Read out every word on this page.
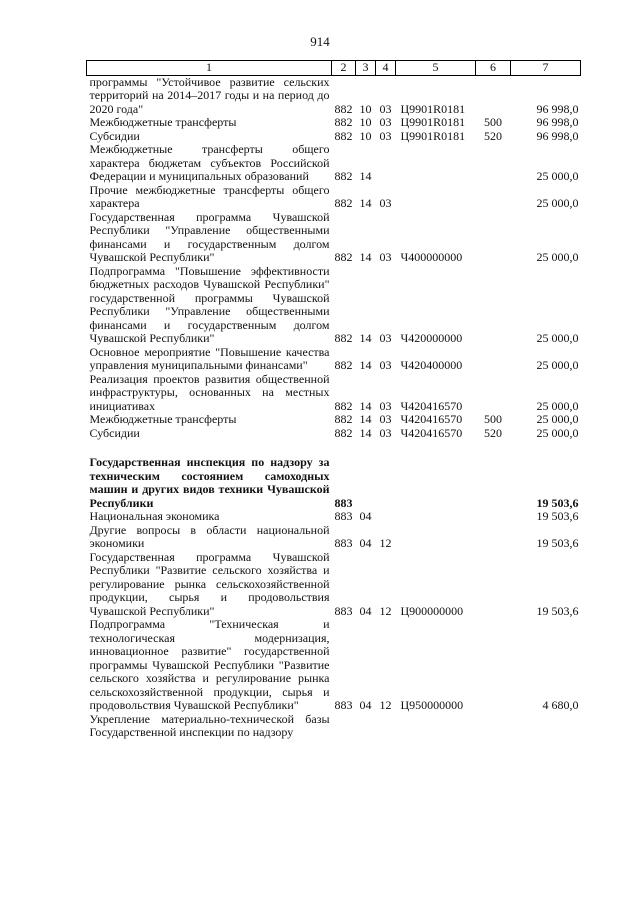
914
1	2	3	4	5	6	7
программы "Устойчивое развитие сельских территорий на 2014–2017 годы и на период до 2020 года"	882	10	03	Ц9901R0181		96 998,0
Межбюджетные трансферты	882	10	03	Ц9901R0181	500	96 998,0
Субсидии	882	10	03	Ц9901R0181	520	96 998,0
Межбюджетные трансферты общего характера бюджетам субъектов Российской Федерации и муниципальных образований	882	14				25 000,0
Прочие межбюджетные трансферты общего характера	882	14	03			25 000,0
Государственная программа Чувашской Республики "Управление общественными финансами и государственным долгом Чувашской Республики"	882	14	03	Ч400000000		25 000,0
Подпрограмма "Повышение эффективности бюджетных расходов Чувашской Республики" государственной программы Чувашской Республики "Управление общественными финансами и государственным долгом Чувашской Республики"	882	14	03	Ч420000000		25 000,0
Основное мероприятие "Повышение качества управления муниципальными финансами"	882	14	03	Ч420400000		25 000,0
Реализация проектов развития общественной инфраструктуры, основанных на местных инициативах	882	14	03	Ч420416570		25 000,0
Межбюджетные трансферты	882	14	03	Ч420416570	500	25 000,0
Субсидии	882	14	03	Ч420416570	520	25 000,0

Государственная инспекция по надзору за техническим состоянием самоходных машин и других видов техники Чувашской Республики	883					19 503,6
Национальная экономика	883	04				19 503,6
Другие вопросы в области национальной экономики	883	04	12			19 503,6
Государственная программа Чувашской Республики "Развитие сельского хозяйства и регулирование рынка сельскохозяйственной продукции, сырья и продовольствия Чувашской Республики"	883	04	12	Ц900000000		19 503,6
Подпрограмма "Техническая и технологическая модернизация, инновационное развитие" государственной программы Чувашской Республики "Развитие сельского хозяйства и регулирование рынка сельскохозяйственной продукции, сырья и продовольствия Чувашской Республики"	883	04	12	Ц950000000		4 680,0
Укрепление материально-технической базы Государственной инспекции по надзору						
